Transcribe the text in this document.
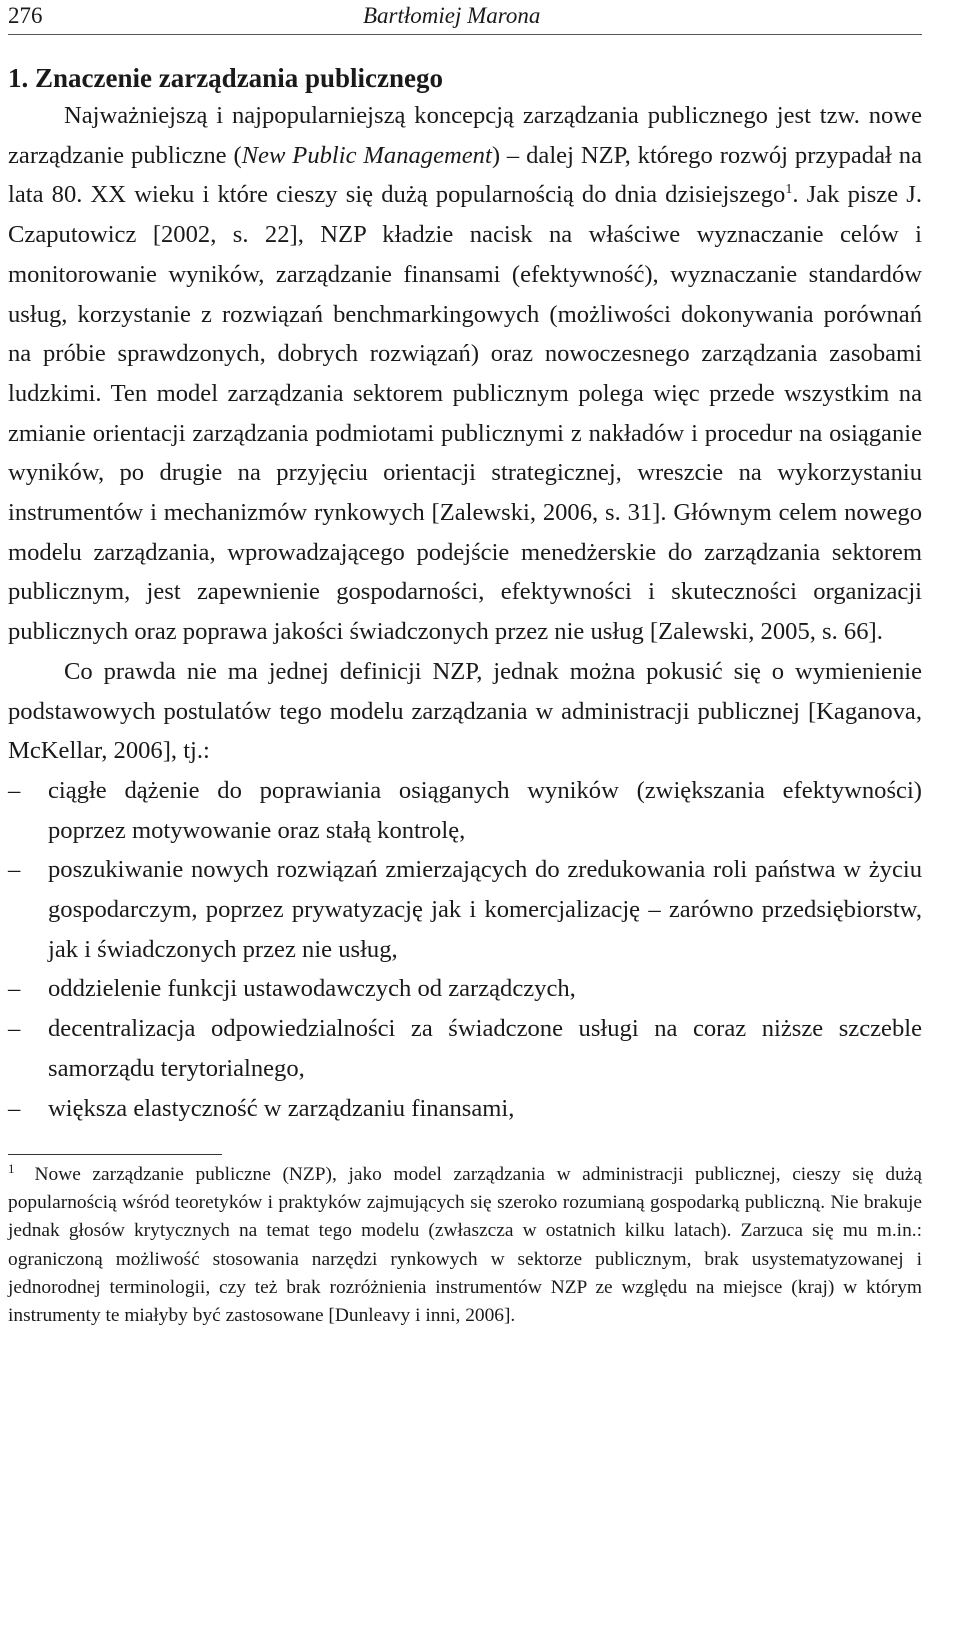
276	Bartłomiej Marona
1. Znaczenie zarządzania publicznego

Najważniejszą i najpopularniejszą koncepcją zarządzania publicznego jest tzw. nowe zarządzanie publiczne (New Public Management) – dalej NZP, którego rozwój przypadał na lata 80. XX wieku i które cieszy się dużą popularnością do dnia dzisiejszego$^1$. Jak pisze J. Czaputowicz [2002, s. 22], NZP kładzie nacisk na właściwe wyznaczanie celów i monitorowanie wyników, zarządzanie finansami (efektywność), wyznaczanie standardów usług, korzystanie z rozwiązań benchmarkingowych (możliwości dokonywania porównań na próbie sprawdzonych, dobrych rozwiązań) oraz nowoczesnego zarządzania zasobami ludzkimi. Ten model zarządzania sektorem publicznym polega więc przede wszystkim na zmianie orientacji zarządzania podmiotami publicznymi z nakładów i procedur na osiąganie wyników, po drugie na przyjęciu orientacji strategicznej, wreszcie na wykorzystaniu instrumentów i mechanizmów rynkowych [Zalewski, 2006, s. 31]. Głównym celem nowego modelu zarządzania, wprowadzającego podejście menedżerskie do zarządzania sektorem publicznym, jest zapewnienie gospodarności, efektywności i skuteczności organizacji publicznych oraz poprawa jakości świadczonych przez nie usług [Zalewski, 2005, s. 66].

Co prawda nie ma jednej definicji NZP, jednak można pokusić się o wymienienie podstawowych postulatów tego modelu zarządzania w administracji publicznej [Kaganova, McKellar, 2006], tj.:

– ciągłe dążenie do poprawiania osiąganych wyników (zwiększania efektywności) poprzez motywowanie oraz stałą kontrolę,
– poszukiwanie nowych rozwiązań zmierzających do zredukowania roli państwa w życiu gospodarczym, poprzez prywatyzację jak i komercjalizację – zarówno przedsiębiorstw, jak i świadczonych przez nie usług,
– oddzielenie funkcji ustawodawczych od zarządczych,
– decentralizacja odpowiedzialności za świadczone usługi na coraz niższe szczeble samorządu terytorialnego,
– większa elastyczność w zarządzaniu finansami,

$^1$ Nowe zarządzanie publiczne (NZP), jako model zarządzania w administracji publicznej, cieszy się dużą popularnością wśród teoretyków i praktyków zajmujących się szeroko rozumianą gospodarką publiczną. Nie brakuje jednak głosów krytycznych na temat tego modelu (zwłaszcza w ostatnich kilku latach). Zarzuca się mu m.in.: ograniczoną możliwość stosowania narzędzi rynkowych w sektorze publicznym, brak usystematyzowanej i jednorodnej terminologii, czy też brak rozróżnienia instrumentów NZP ze względu na miejsce (kraj) w którym instrumenty te miałyby być zastosowane [Dunleavy i inni, 2006].
